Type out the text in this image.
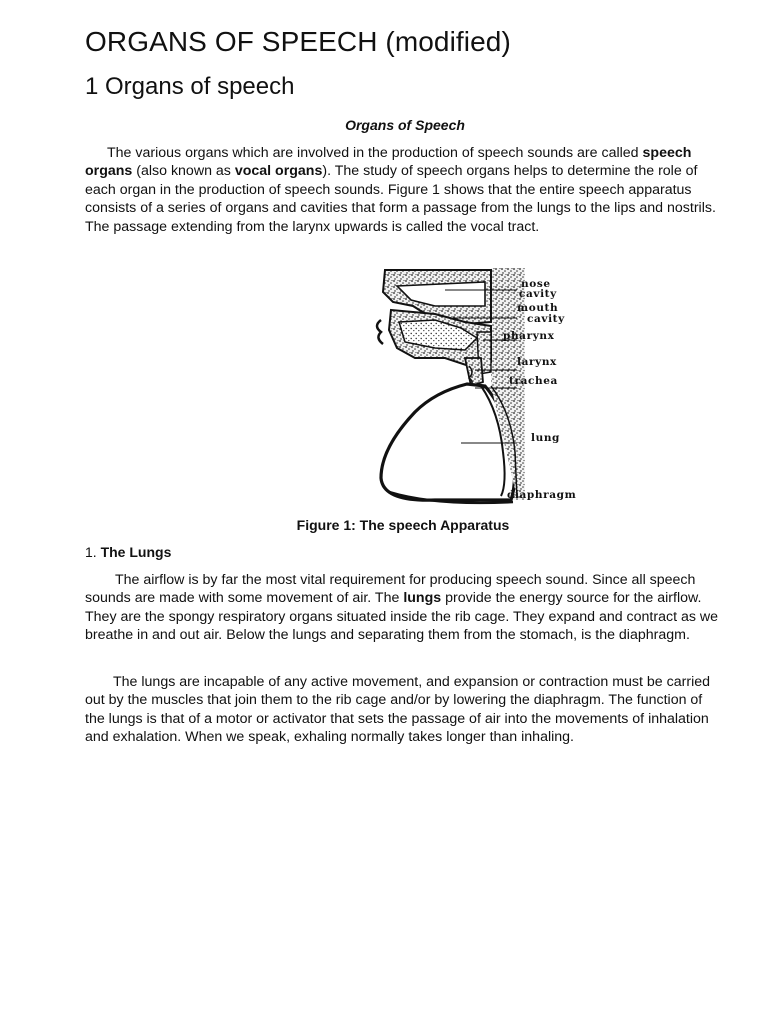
ORGANS OF SPEECH (modified)
1 Organs of speech
Organs of Speech

The various organs which are involved in the production of speech sounds are called speech organs (also known as vocal organs). The study of speech organs helps to determine the role of each organ in the production of speech sounds. Figure 1 shows that the entire speech apparatus consists of a series of organs and cavities that form a passage from the lungs to the lips and nostrils. The passage extending from the larynx upwards is called the vocal tract.

nose
cavity
mouth
cavity
pharynx
larynx
trachea
lung
diaphragm
Figure 1: The speech Apparatus
1. The Lungs

The airflow is by far the most vital requirement for producing speech sound. Since all speech sounds are made with some movement of air. The lungs provide the energy source for the airflow. They are the spongy respiratory organs situated inside the rib cage. They expand and contract as we breathe in and out air. Below the lungs and separating them from the stomach, is the diaphragm.

The lungs are incapable of any active movement, and expansion or contraction must be carried out by the muscles that join them to the rib cage and/or by lowering the diaphragm. The function of the lungs is that of a motor or activator that sets the passage of air into the movements of inhalation and exhalation. When we speak, exhaling normally takes longer than inhaling.
